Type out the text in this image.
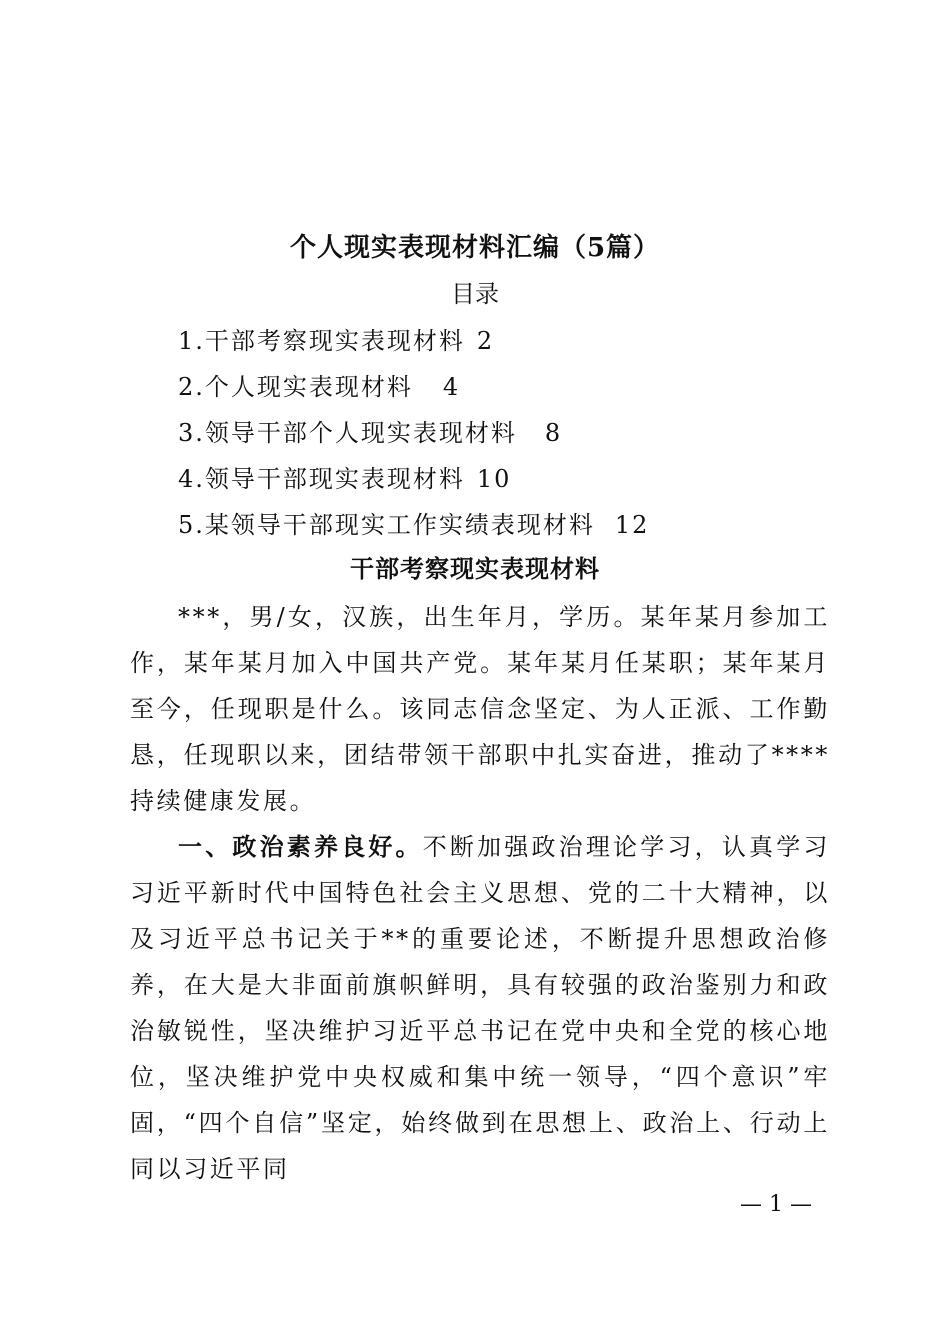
个人现实表现材料汇编（5篇）
目录
1.干部考察现实表现材料 2
2.个人现实表现材料 4
3.领导干部个人现实表现材料 8
4.领导干部现实表现材料 10
5.某领导干部现实工作实绩表现材料 12
干部考察现实表现材料

***，男/女，汉族，出生年月，学历。某年某月参加工作，某年某月加入中国共产党。某年某月任某职；某年某月至今，任现职是什么。该同志信念坚定、为人正派、工作勤恳，任现职以来，团结带领干部职中扎实奋进，推动了****持续健康发展。

一、政治素养良好。不断加强政治理论学习，认真学习习近平新时代中国特色社会主义思想、党的二十大精神，以及习近平总书记关于**的重要论述，不断提升思想政治修养，在大是大非面前旗帜鲜明，具有较强的政治鉴别力和政治敏锐性，坚决维护习近平总书记在党中央和全党的核心地位，坚决维护党中央权威和集中统一领导，“四个意识”牢固，“四个自信”坚定，始终做到在思想上、政治上、行动上同以习近平同

— 1 —
